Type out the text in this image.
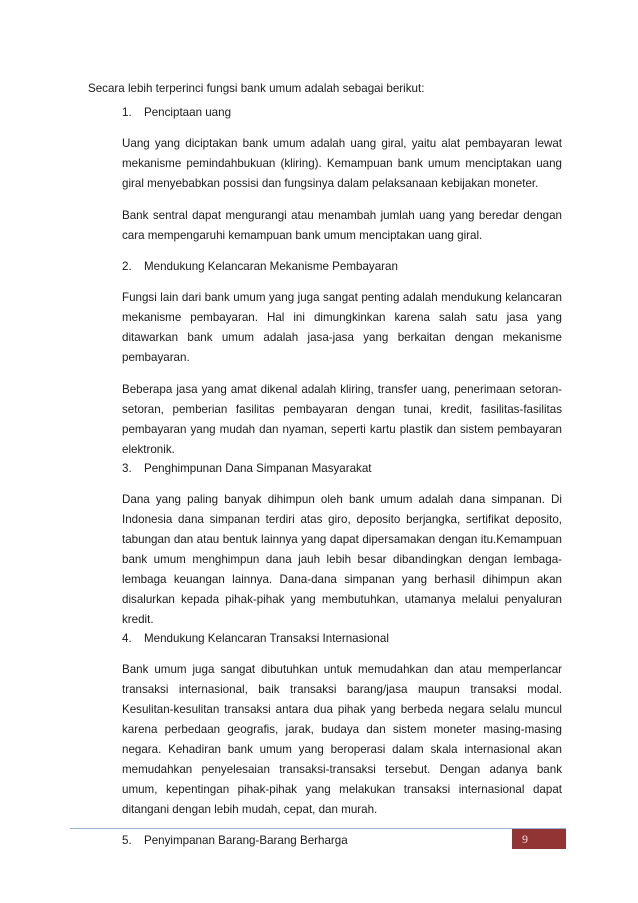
Secara lebih terperinci fungsi bank umum adalah sebagai berikut:
1. Penciptaan uang

Uang yang diciptakan bank umum adalah uang giral, yaitu alat pembayaran lewat mekanisme pemindahbukuan (kliring). Kemampuan bank umum menciptakan uang giral menyebabkan possisi dan fungsinya dalam pelaksanaan kebijakan moneter.

Bank sentral dapat mengurangi atau menambah jumlah uang yang beredar dengan cara mempengaruhi kemampuan bank umum menciptakan uang giral.

2. Mendukung Kelancaran Mekanisme Pembayaran

Fungsi lain dari bank umum yang juga sangat penting adalah mendukung kelancaran mekanisme pembayaran. Hal ini dimungkinkan karena salah satu jasa yang ditawarkan bank umum adalah jasa-jasa yang berkaitan dengan mekanisme pembayaran.

Beberapa jasa yang amat dikenal adalah kliring, transfer uang, penerimaan setoran-setoran, pemberian fasilitas pembayaran dengan tunai, kredit, fasilitas-fasilitas pembayaran yang mudah dan nyaman, seperti kartu plastik dan sistem pembayaran elektronik.

3. Penghimpunan Dana Simpanan Masyarakat

Dana yang paling banyak dihimpun oleh bank umum adalah dana simpanan. Di Indonesia dana simpanan terdiri atas giro, deposito berjangka, sertifikat deposito, tabungan dan atau bentuk lainnya yang dapat dipersamakan dengan itu.Kemampuan bank umum menghimpun dana jauh lebih besar dibandingkan dengan lembaga-lembaga keuangan lainnya. Dana-dana simpanan yang berhasil dihimpun akan disalurkan kepada pihak-pihak yang membutuhkan, utamanya melalui penyaluran kredit.

4. Mendukung Kelancaran Transaksi Internasional

Bank umum juga sangat dibutuhkan untuk memudahkan dan atau memperlancar transaksi internasional, baik transaksi barang/jasa maupun transaksi modal. Kesulitan-kesulitan transaksi antara dua pihak yang berbeda negara selalu muncul karena perbedaan geografis, jarak, budaya dan sistem moneter masing-masing negara. Kehadiran bank umum yang beroperasi dalam skala internasional akan memudahkan penyelesaian transaksi-transaksi tersebut. Dengan adanya bank umum, kepentingan pihak-pihak yang melakukan transaksi internasional dapat ditangani dengan lebih mudah, cepat, dan murah.

5. Penyimpanan Barang-Barang Berharga	9
